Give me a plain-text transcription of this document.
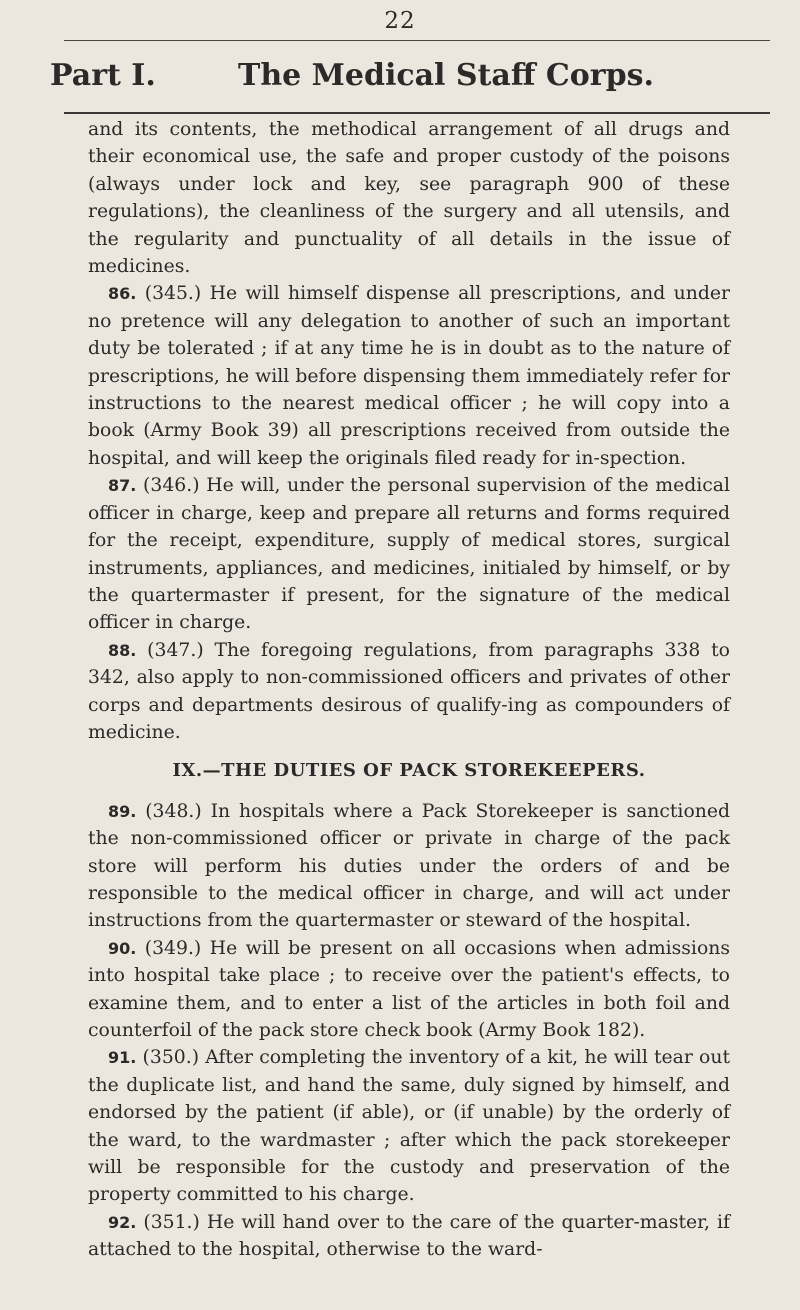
22
Part I.	The Medical Staff Corps.

and its contents, the methodical arrangement of all drugs and their economical use, the safe and proper custody of the poisons (always under lock and key, see paragraph 900 of these regulations), the cleanliness of the surgery and all utensils, and the regularity and punctuality of all details in the issue of medicines.

86. (345.) He will himself dispense all prescriptions, and under no pretence will any delegation to another of such an important duty be tolerated ; if at any time he is in doubt as to the nature of prescriptions, he will before dispensing them immediately refer for instructions to the nearest medical officer ; he will copy into a book (Army Book 39) all prescriptions received from outside the hospital, and will keep the originals filed ready for in-spection.

87. (346.) He will, under the personal supervision of the medical officer in charge, keep and prepare all returns and forms required for the receipt, expenditure, supply of medical stores, surgical instruments, appliances, and medicines, initialed by himself, or by the quartermaster if present, for the signature of the medical officer in charge.

88. (347.) The foregoing regulations, from paragraphs 338 to 342, also apply to non-commissioned officers and privates of other corps and departments desirous of qualify-ing as compounders of medicine.

IX.—THE DUTIES OF PACK STOREKEEPERS.

89. (348.) In hospitals where a Pack Storekeeper is sanctioned the non-commissioned officer or private in charge of the pack store will perform his duties under the orders of and be responsible to the medical officer in charge, and will act under instructions from the quartermaster or steward of the hospital.

90. (349.) He will be present on all occasions when admissions into hospital take place ; to receive over the patient's effects, to examine them, and to enter a list of the articles in both foil and counterfoil of the pack store check book (Army Book 182).

91. (350.) After completing the inventory of a kit, he will tear out the duplicate list, and hand the same, duly signed by himself, and endorsed by the patient (if able), or (if unable) by the orderly of the ward, to the wardmaster ; after which the pack storekeeper will be responsible for the custody and preservation of the property committed to his charge.

92. (351.) He will hand over to the care of the quarter-master, if attached to the hospital, otherwise to the ward-
